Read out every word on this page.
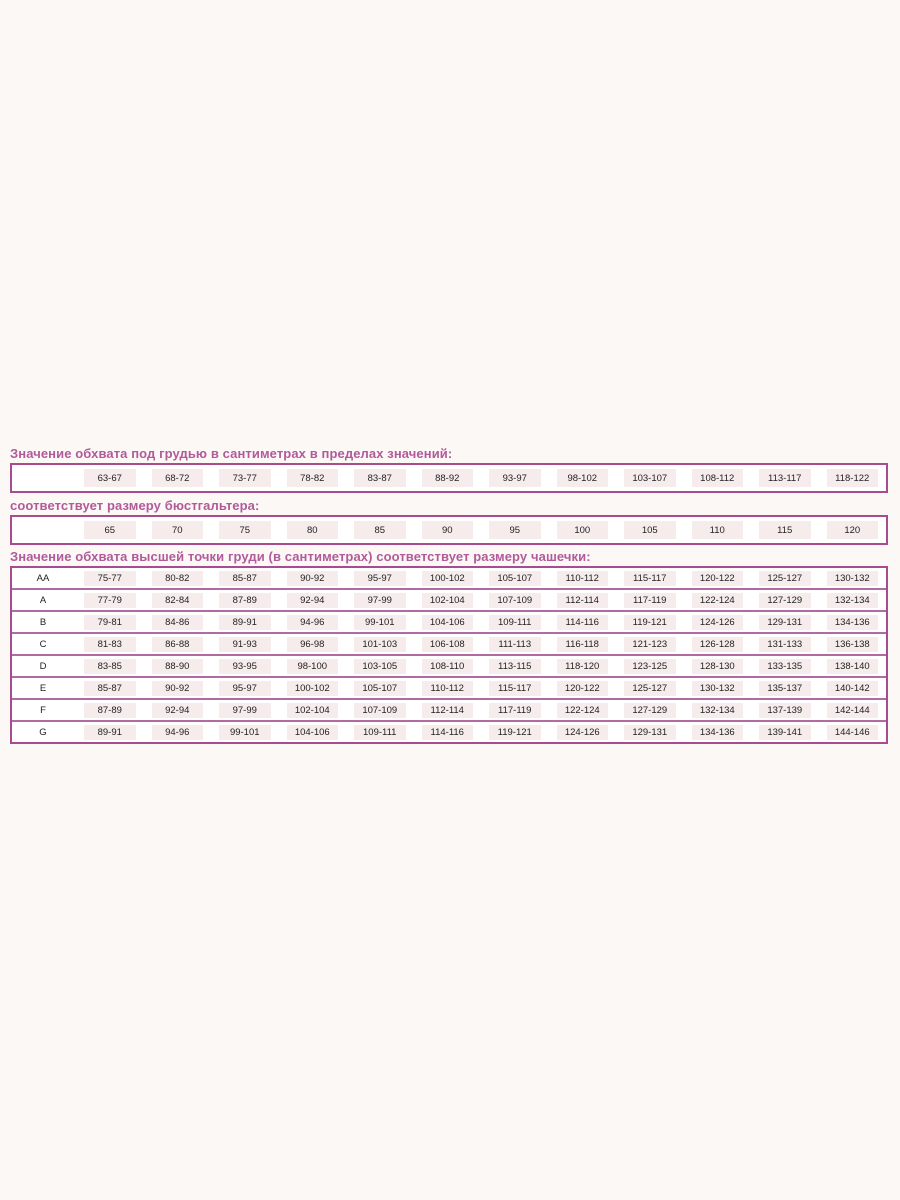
Значение обхвата под грудью в сантиметрах в пределах значений:
63-67	68-72	73-77	78-82	83-87	88-92	93-97	98-102	103-107	108-112	113-117	118-122
соответствует размеру бюстгальтера:
65	70	75	80	85	90	95	100	105	110	115	120
Значение обхвата высшей точки груди (в сантиметрах) соответствует размеру чашечки:
AA	75-77	80-82	85-87	90-92	95-97	100-102	105-107	110-112	115-117	120-122	125-127	130-132
A	77-79	82-84	87-89	92-94	97-99	102-104	107-109	112-114	117-119	122-124	127-129	132-134
B	79-81	84-86	89-91	94-96	99-101	104-106	109-111	114-116	119-121	124-126	129-131	134-136
C	81-83	86-88	91-93	96-98	101-103	106-108	111-113	116-118	121-123	126-128	131-133	136-138
D	83-85	88-90	93-95	98-100	103-105	108-110	113-115	118-120	123-125	128-130	133-135	138-140
E	85-87	90-92	95-97	100-102	105-107	110-112	115-117	120-122	125-127	130-132	135-137	140-142
F	87-89	92-94	97-99	102-104	107-109	112-114	117-119	122-124	127-129	132-134	137-139	142-144
G	89-91	94-96	99-101	104-106	109-111	114-116	119-121	124-126	129-131	134-136	139-141	144-146
